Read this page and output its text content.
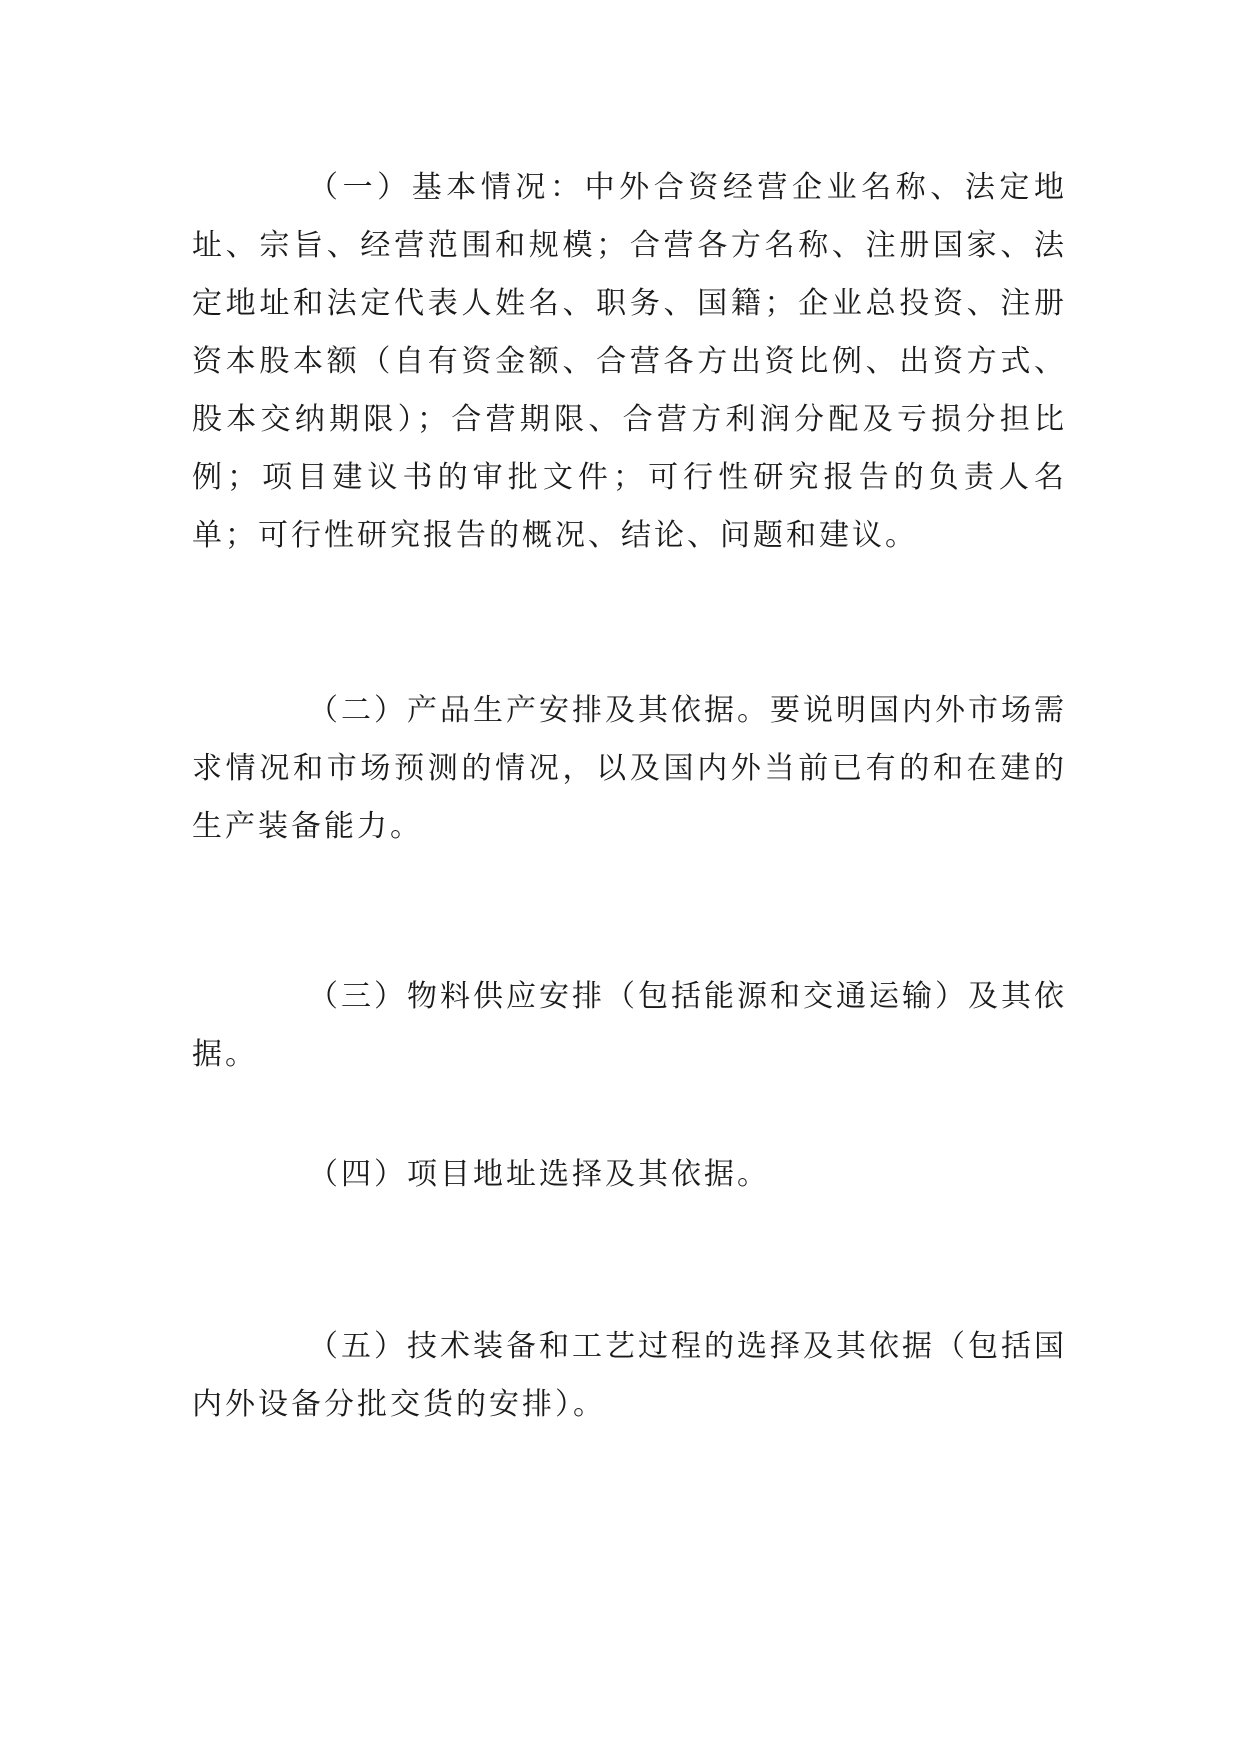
（一）基本情况：中外合资经营企业名称、法定地址、宗旨、经营范围和规模；合营各方名称、注册国家、法定地址和法定代表人姓名、职务、国籍；企业总投资、注册资本股本额（自有资金额、合营各方出资比例、出资方式、股本交纳期限）；合营期限、合营方利润分配及亏损分担比例；项目建议书的审批文件；可行性研究报告的负责人名单；可行性研究报告的概况、结论、问题和建议。

（二）产品生产安排及其依据。要说明国内外市场需求情况和市场预测的情况，以及国内外当前已有的和在建的生产装备能力。

（三）物料供应安排（包括能源和交通运输）及其依据。

（四）项目地址选择及其依据。

（五）技术装备和工艺过程的选择及其依据（包括国内外设备分批交货的安排）。
